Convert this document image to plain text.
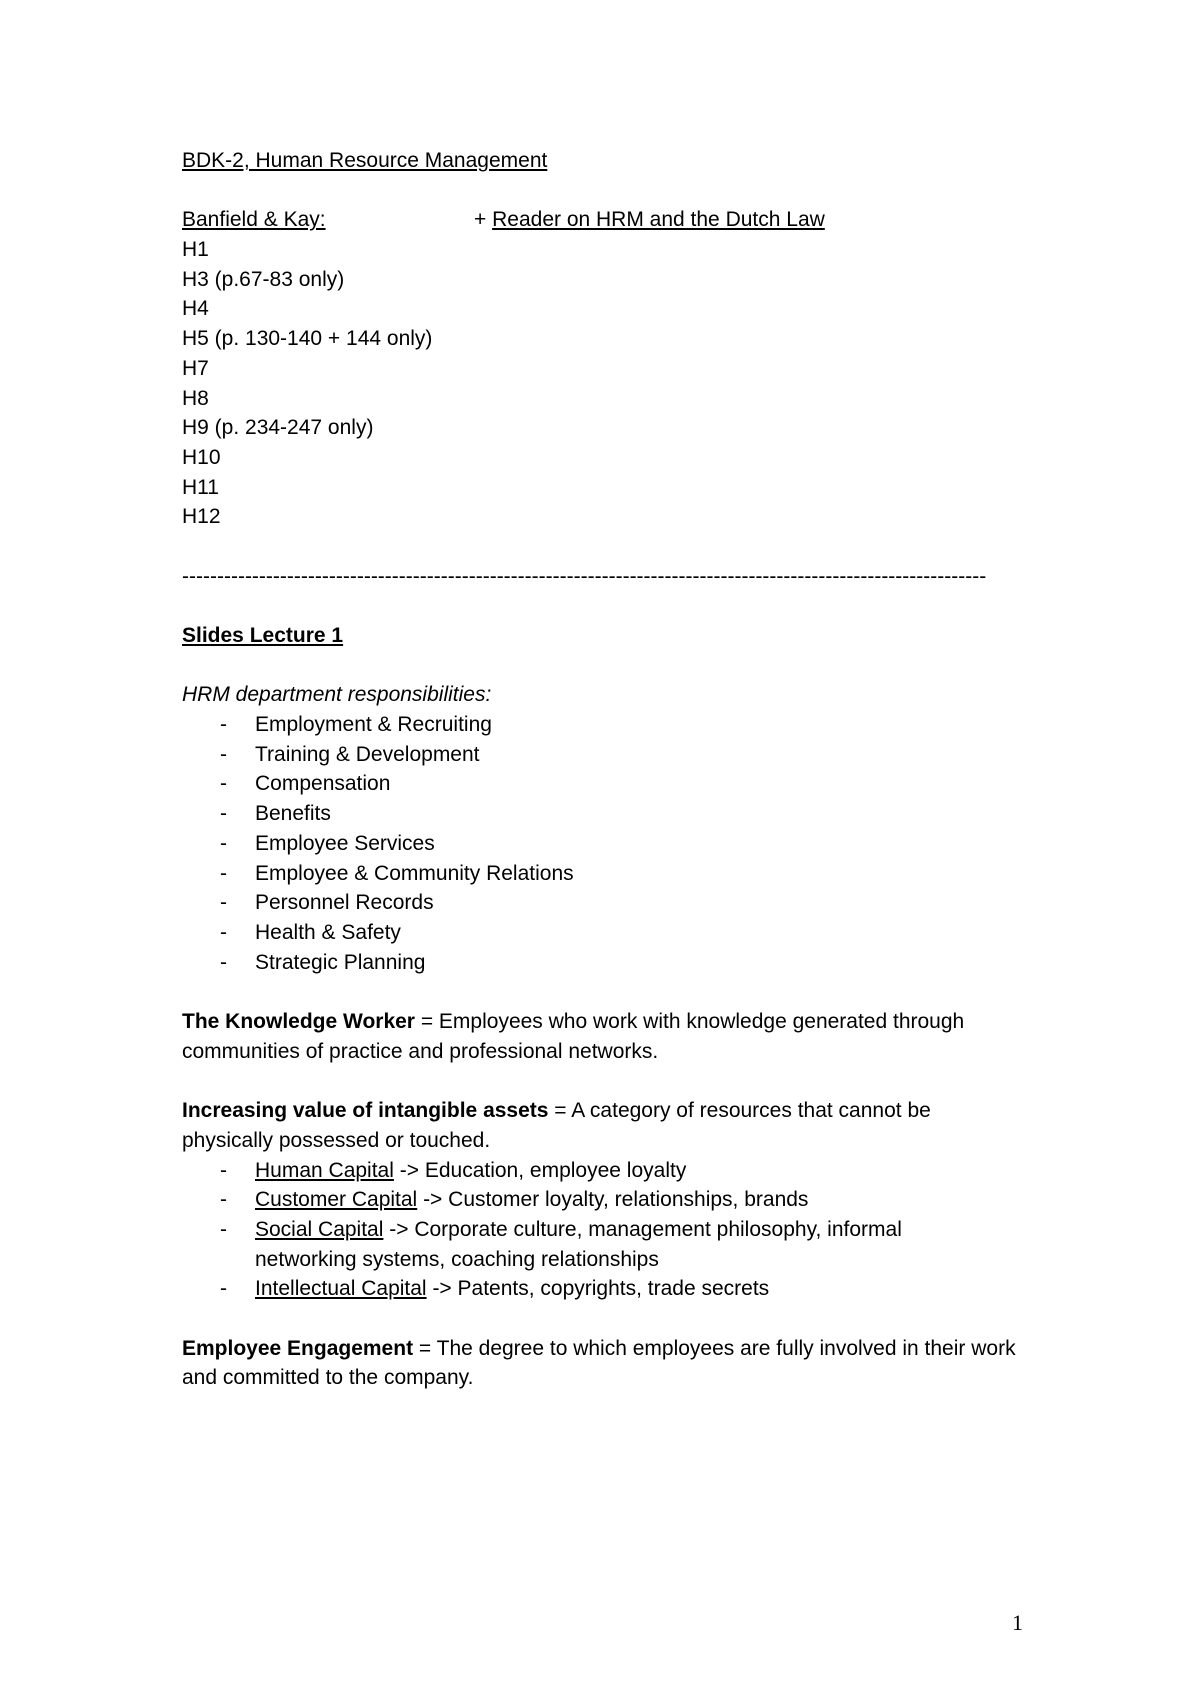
BDK-2, Human Resource Management
Banfield & Kay:	+ Reader on HRM and the Dutch Law
H1
H3 (p.67-83 only)
H4
H5 (p. 130-140 + 144 only)
H7
H8
H9 (p. 234-247 only)
H10
H11
H12
-------------------------------------------------------------------------------------------------------------------
Slides Lecture 1
HRM department responsibilities:
- Employment & Recruiting
- Training & Development
- Compensation
- Benefits
- Employee Services
- Employee & Community Relations
- Personnel Records
- Health & Safety
- Strategic Planning
The Knowledge Worker = Employees who work with knowledge generated through communities of practice and professional networks.
Increasing value of intangible assets = A category of resources that cannot be physically possessed or touched.
- Human Capital -> Education, employee loyalty
- Customer Capital -> Customer loyalty, relationships, brands
- Social Capital -> Corporate culture, management philosophy, informal networking systems, coaching relationships
- Intellectual Capital -> Patents, copyrights, trade secrets
Employee Engagement = The degree to which employees are fully involved in their work and committed to the company.
1
